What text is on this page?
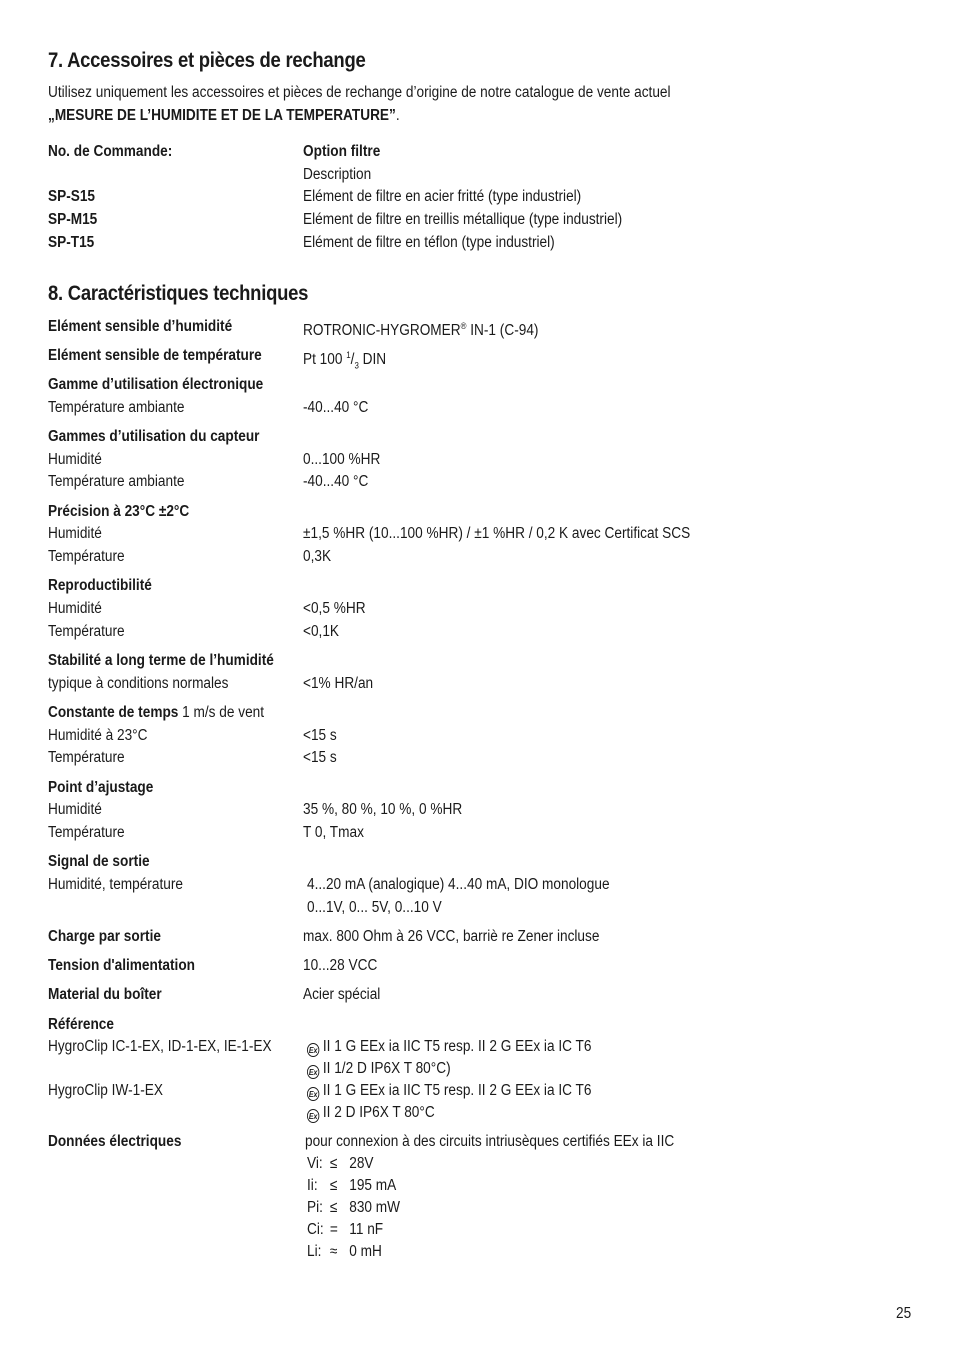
7. Accessoires et pièces de rechange
Utilisez uniquement les accessoires et pièces de rechange d’origine de notre catalogue de vente actuel
„MESURE DE L’HUMIDITE ET DE LA TEMPERATURE”.
No. de Commande:	Option filtre
Description
SP-S15	Elément de filtre en acier fritté (type industriel)
SP-M15	Elément de filtre en treillis métallique (type industriel)
SP-T15	Elément de filtre en téflon (type industriel)
8. Caractéristiques techniques
Elément sensible d’humidité	ROTRONIC-HYGROMER® IN-1 (C-94)
Elément sensible de température	Pt 100 $^1/_3$ DIN
Gamme d’utilisation électronique
Température ambiante	-40...40 °C
Gammes d’utilisation du capteur
Humidité	0...100 %HR
Température ambiante	-40...40 °C
Précision à 23°C ±2°C
Humidité	±1,5 %HR (10...100 %HR) / ±1 %HR / 0,2 K avec Certificat SCS
Température	0,3K
Reproductibilité
Humidité	<0,5 %HR
Température	<0,1K
Stabilité a long terme de l’humidité
typique à conditions normales	<1% HR/an
Constante de temps 1 m/s de vent
Humidité à 23°C	<15 s
Température	<15 s
Point d’ajustage
Humidité	35 %, 80 %, 10 %, 0 %HR
Température	T 0, Tmax
Signal de sortie
Humidité, température	4...20 mA (analogique) 4...40 mA, DIO monologue
0...1V, 0... 5V, 0...10 V
Charge par sortie	max. 800 Ohm à 26 VCC, barriè re Zener incluse
Tension d'alimentation	10...28 VCC
Material du boîter	Acier spécial
Référence
HygroClip IC-1-EX, ID-1-EX, IE-1-EX	Ex II 1 G EEx ia IIC T5 resp. II 2 G EEx ia IC T6
Ex II 1/2 D IP6X T 80°C)
HygroClip IW-1-EX	Ex II 1 G EEx ia IIC T5 resp. II 2 G EEx ia IC T6
Ex II 2 D IP6X T 80°C
Données électriques	pour connexion à des circuits intriusèques certifiés EEx ia IIC
Vi: ≤ 28V
Ii: ≤ 195 mA
Pi: ≤ 830 mW
Ci: = 11 nF
Li: ≈ 0 mH
25
